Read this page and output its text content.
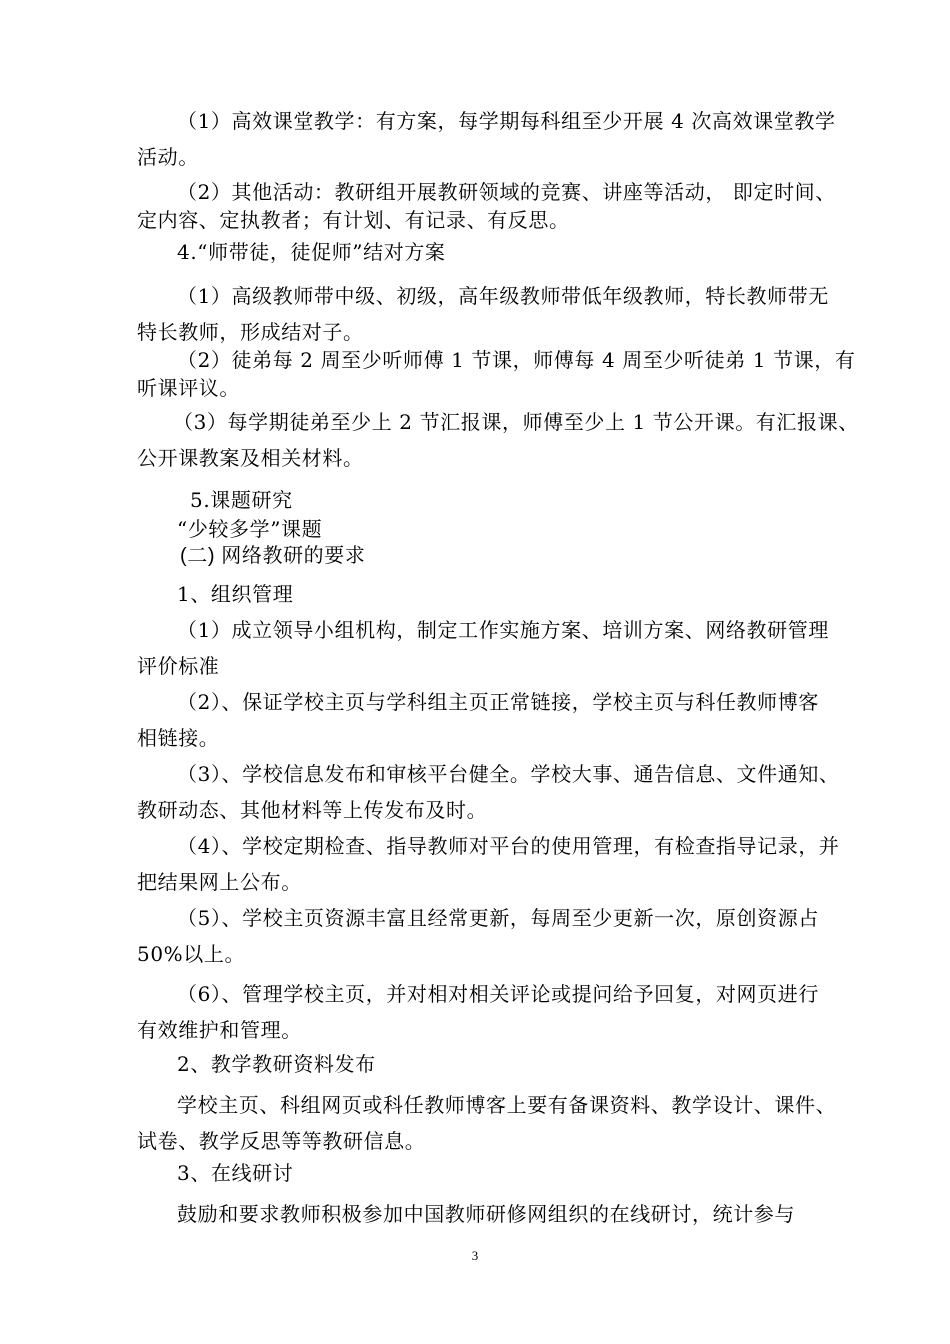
（1）高效课堂教学：有方案，每学期每科组至少开展 4 次高效课堂教学
活动。

（2）其他活动：教研组开展教研领域的竞赛、讲座等活动， 即定时间、
定内容、定执教者；有计划、有记录、有反思。

4.“师带徒，徒促师”结对方案

（1）高级教师带中级、初级，高年级教师带低年级教师，特长教师带无
特长教师，形成结对子。

（2）徒弟每 2 周至少听师傅 1 节课，师傅每 4 周至少听徒弟 1 节课，有
听课评议。

（3）每学期徒弟至少上 2 节汇报课，师傅至少上 1 节公开课。有汇报课、
公开课教案及相关材料。

5.课题研究

“少较多学”课题

(二) 网络教研的要求

1、组织管理

（1）成立领导小组机构，制定工作实施方案、培训方案、网络教研管理
评价标准

（2）、保证学校主页与学科组主页正常链接，学校主页与科任教师博客
相链接。

（3）、学校信息发布和审核平台健全。学校大事、通告信息、文件通知、
教研动态、其他材料等上传发布及时。

（4）、学校定期检查、指导教师对平台的使用管理，有检查指导记录，并
把结果网上公布。

（5）、学校主页资源丰富且经常更新，每周至少更新一次，原创资源占
50%以上。

（6）、管理学校主页，并对相对相关评论或提问给予回复，对网页进行
有效维护和管理。

2、教学教研资料发布

学校主页、科组网页或科任教师博客上要有备课资料、教学设计、课件、
试卷、教学反思等等教研信息。

3、在线研讨

鼓励和要求教师积极参加中国教师研修网组织的在线研讨，统计参与

3
